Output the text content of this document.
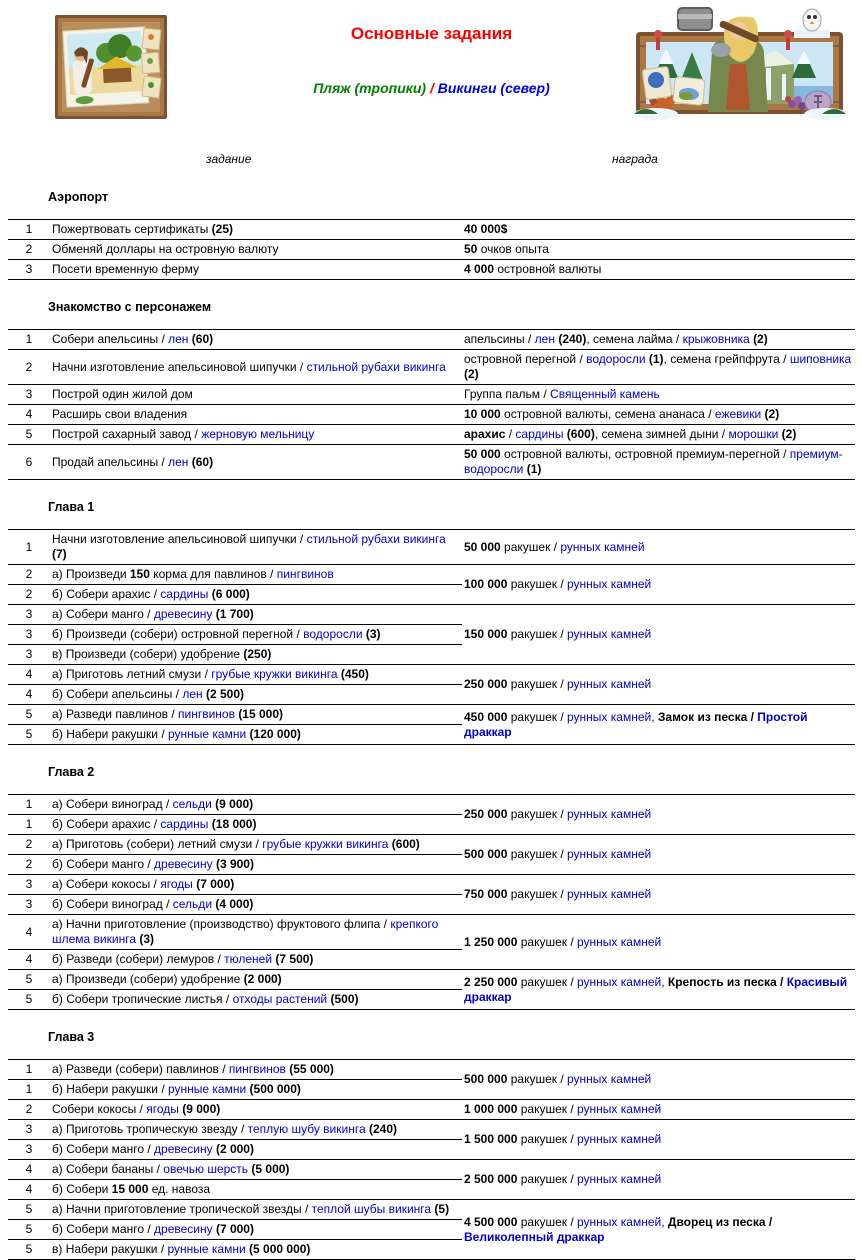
Основные задания
Пляж (тропики) / Викинги (север)
задание	награда
Аэропорт
1	Пожертвовать сертификаты (25)	40 000$
2	Обменяй доллары на островную валюту	50 очков опыта
3	Посети временную ферму	4 000 островной валюты
Знакомство с персонажем
1	Собери апельсины / лен (60)	апельсины / лен (240), семена лайма / крыжовника (2)
2	Начни изготовление апельсиновой шипучки / стильной рубахи викинга	островной перегной / водоросли (1), семена грейпфрута / шиповника (2)
3	Построй один жилой дом	Группа пальм / Священный камень
4	Расширь свои владения	10 000 островной валюты, семена ананаса / ежевики (2)
5	Построй сахарный завод / жерновую мельницу	арахис / сардины (600), семена зимней дыни / морошки (2)
6	Продай апельсины / лен (60)	50 000 островной валюты, островной премиум-перегной / премиум-водоросли (1)
Глава 1
1	Начни изготовление апельсиновой шипучки / стильной рубахи викинга (7)	50 000 ракушек / рунных камней
2	а) Произведи 150 корма для павлинов / пингвинов	100 000 ракушек / рунных камней
2	б) Собери арахис / сардины (6 000)	
3	а) Собери манго / древесину (1 700)	150 000 ракушек / рунных камней
3	б) Произведи (собери) островной перегной / водоросли (3)	
3	в) Произведи (собери) удобрение (250)	
4	а) Приготовь летний смузи / грубые кружки викинга (450)	250 000 ракушек / рунных камней
4	б) Собери апельсины / лен (2 500)	
5	а) Разведи павлинов / пингвинов (15 000)	450 000 ракушек / рунных камней, Замок из песка / Простой драккар
5	б) Набери ракушки / рунные камни (120 000)	
Глава 2
1	а) Собери виноград / сельди (9 000)	250 000 ракушек / рунных камней
1	б) Собери арахис / сардины (18 000)	
2	а) Приготовь (собери) летний смузи / грубые кружки викинга (600)	500 000 ракушек / рунных камней
2	б) Собери манго / древесину (3 900)	
3	а) Собери кокосы / ягоды (7 000)	750 000 ракушек / рунных камней
3	б) Собери виноград / сельди (4 000)	
4	а) Начни приготовление (производство) фруктового флипа / крепкого шлема викинга (3)	1 250 000 ракушек / рунных камней
4	б) Разведи (собери) лемуров / тюленей (7 500)	
5	а) Произведи (собери) удобрение (2 000)	2 250 000 ракушек / рунных камней, Крепость из песка / Красивый драккар
5	б) Собери тропические листья / отходы растений (500)	
Глава 3
1	а) Разведи (собери) павлинов / пингвинов (55 000)	500 000 ракушек / рунных камней
1	б) Набери ракушки / рунные камни (500 000)	
2	Собери кокосы / ягоды (9 000)	1 000 000 ракушек / рунных камней
3	а) Приготовь тропическую звезду / теплую шубу викинга (240)	1 500 000 ракушек / рунных камней
3	б) Собери манго / древесину (2 000)	
4	а) Собери бананы / овечью шерсть (5 000)	2 500 000 ракушек / рунных камней
4	б) Собери 15 000 ед. навоза	
5	а) Начни приготовление тропической звезды / теплой шубы викинга (5)	4 500 000 ракушек / рунных камней, Дворец из песка / Великолепный драккар
5	б) Собери манго / древесину (7 000)	
5	в) Набери ракушки / рунные камни (5 000 000)	
